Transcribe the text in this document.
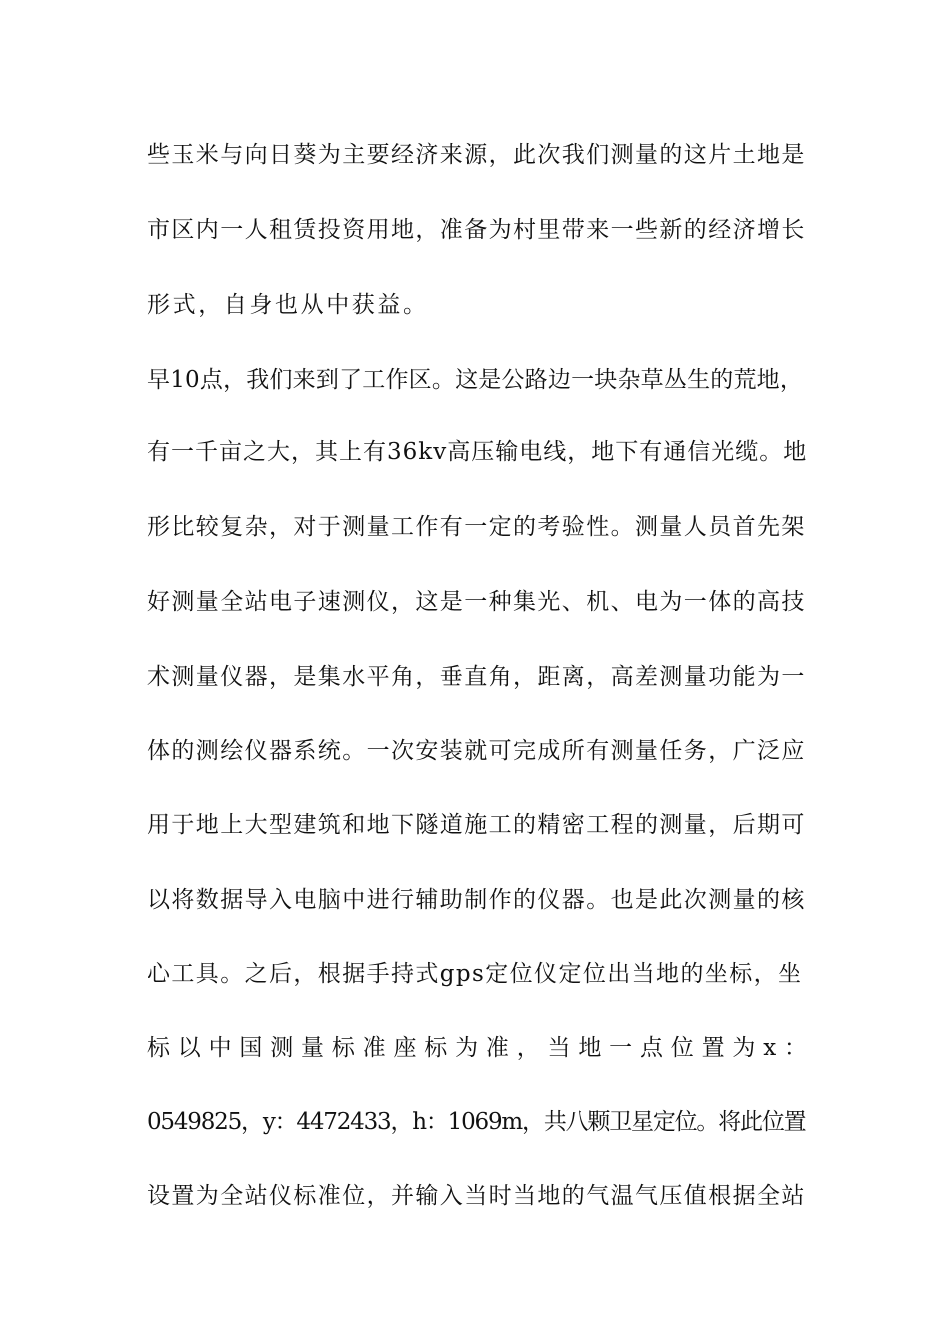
些玉米与向日葵为主要经济来源，此次我们测量的这片土地是
市区内一人租赁投资用地，准备为村里带来一些新的经济增长
形式，自身也从中获益。
早10点，我们来到了工作区。这是公路边一块杂草丛生的荒地，
有一千亩之大，其上有36kv高压输电线，地下有通信光缆。地
形比较复杂，对于测量工作有一定的考验性。测量人员首先架
好测量全站电子速测仪，这是一种集光、机、电为一体的高技
术测量仪器，是集水平角，垂直角，距离，高差测量功能为一
体的测绘仪器系统。一次安装就可完成所有测量任务，广泛应
用于地上大型建筑和地下隧道施工的精密工程的测量，后期可
以将数据导入电脑中进行辅助制作的仪器。也是此次测量的核
心工具。之后，根据手持式gps定位仪定位出当地的坐标，坐
标以中国测量标准座标为准，当地一点位置为x：
0549825，y：4472433，h：1069m，共八颗卫星定位。将此位置
设置为全站仪标准位，并输入当时当地的气温气压值根据全站
